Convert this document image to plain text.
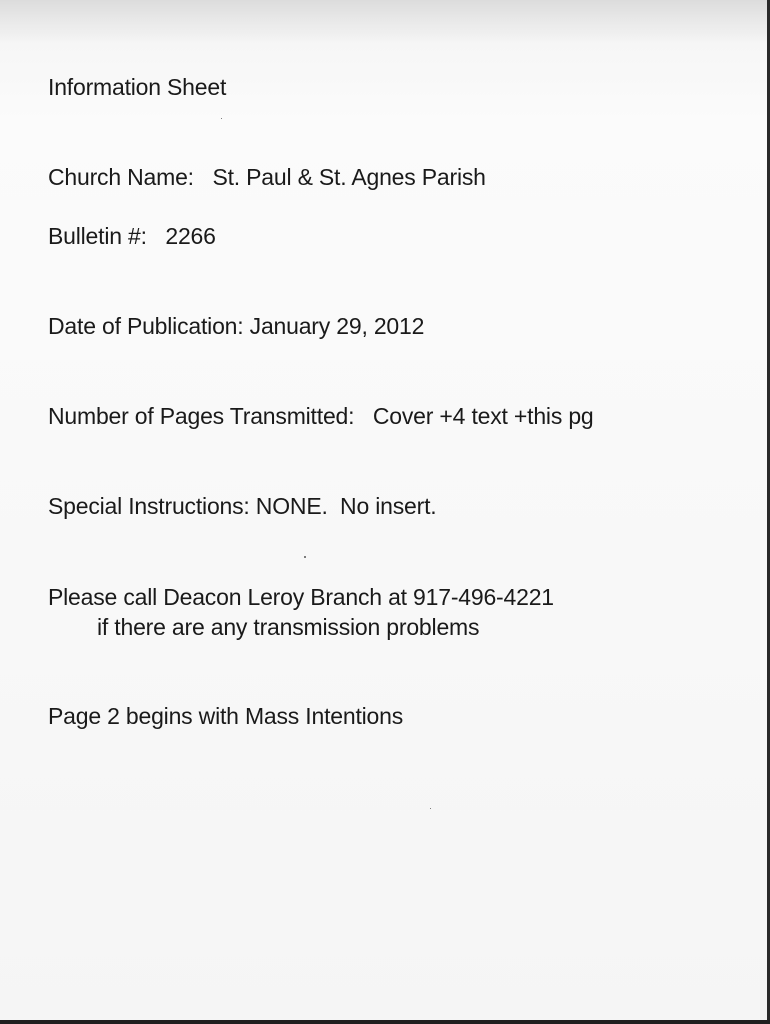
Information Sheet
Church Name:   St. Paul & St. Agnes Parish
Bulletin #:   2266
Date of Publication: January 29, 2012
Number of Pages Transmitted:   Cover +4 text +this pg
Special Instructions: NONE.  No insert.
Please call Deacon Leroy Branch at 917-496-4221
if there are any transmission problems
Page 2 begins with Mass Intentions
